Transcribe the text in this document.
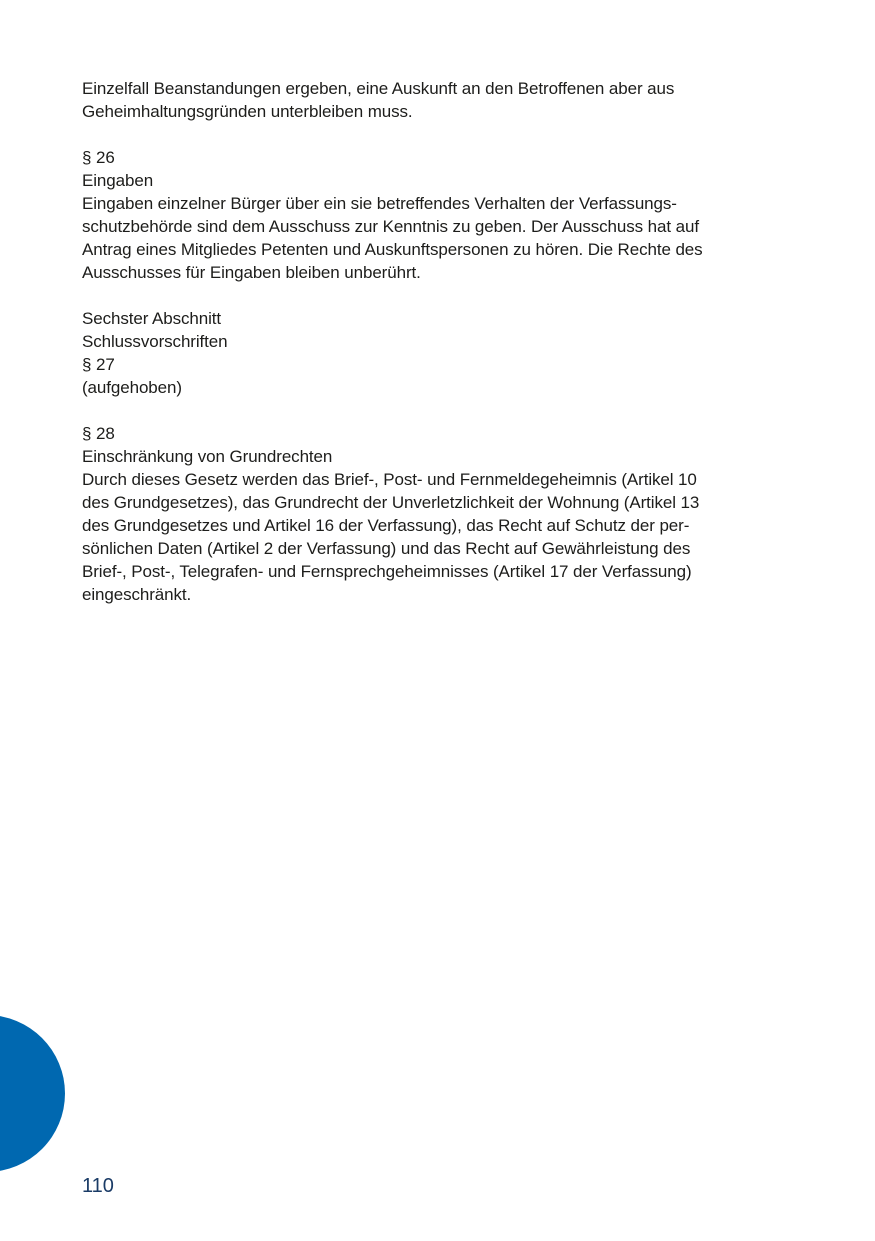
Einzelfall Beanstandungen ergeben, eine Auskunft an den Betroffenen aber aus
Geheimhaltungsgründen unterbleiben muss.
§ 26
Eingaben
Eingaben einzelner Bürger über ein sie betreffendes Verhalten der Verfassungs-
schutzbehörde sind dem Ausschuss zur Kenntnis zu geben. Der Ausschuss hat auf
Antrag eines Mitgliedes Petenten und Auskunftspersonen zu hören. Die Rechte des
Ausschusses für Eingaben bleiben unberührt.
Sechster Abschnitt
Schlussvorschriften
§ 27
(aufgehoben)
§ 28
Einschränkung von Grundrechten
Durch dieses Gesetz werden das Brief-, Post- und Fernmeldegeheimnis (Artikel 10
des Grundgesetzes), das Grundrecht der Unverletzlichkeit der Wohnung (Artikel 13
des Grundgesetzes und Artikel 16 der Verfassung), das Recht auf Schutz der per-
sönlichen Daten (Artikel 2 der Verfassung) und das Recht auf Gewährleistung des
Brief-, Post-, Telegrafen- und Fernsprechgeheimnisses (Artikel 17 der Verfassung)
eingeschränkt.
110
